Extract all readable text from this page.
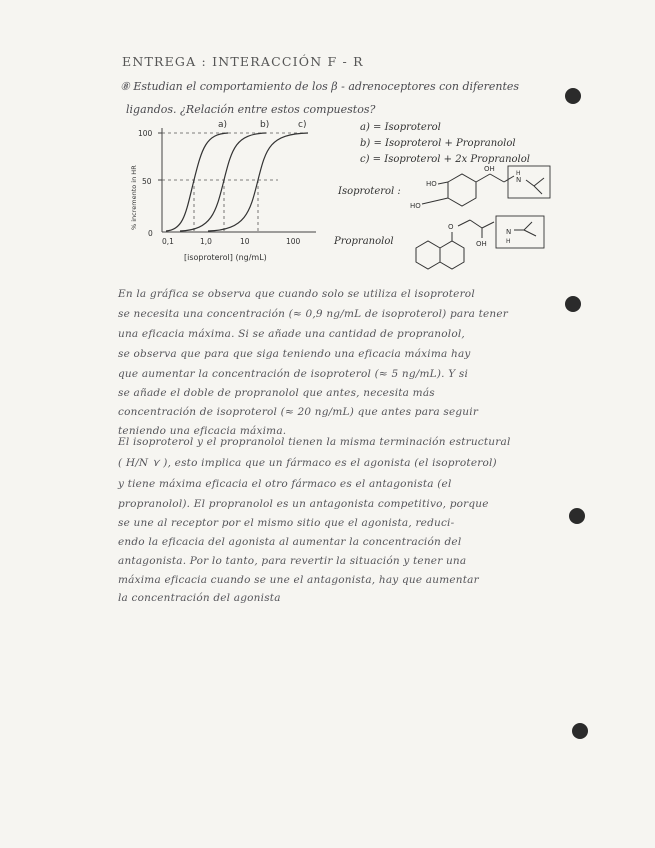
ENTREGA : INTERACCIÓN F - R
⑧ Estudian el comportamiento de los β - adrenoceptores con diferentes
ligandos. ¿Relación entre estos compuestos?
a)	b)	c)
100
50
0
% incremento in HR
0,1	1,0	10	100
[isoproterol] (ng/mL)
a) = Isoproterol
b) = Isoproterol + Propranolol
c) = Isoproterol + 2x Propranolol
Isoproterol :
OH
N
H
HO
HO
Propranolol
O
OH
N
H
En la gráfica se observa que cuando solo se utiliza el isoproterol
se necesita una concentración (≈ 0,9 ng/mL de isoproterol) para tener
una eficacia máxima. Si se añade una cantidad de propranolol,
se observa que para que siga teniendo una eficacia máxima hay
que aumentar la concentración de isoproterol (≈ 5 ng/mL). Y si
se añade el doble de propranolol que antes, necesita más
concentración de isoproterol (≈ 20 ng/mL) que antes para seguir
teniendo una eficacia máxima.
El isoproterol y el propranolol tienen la misma terminación estructural
( H/N ⋎ ), esto implica que un fármaco es el agonista (el isoproterol)
y tiene máxima eficacia el otro fármaco es el antagonista (el
propranolol). El propranolol es un antagonista competitivo, porque
se une al receptor por el mismo sitio que el agonista, reduci-
endo la eficacia del agonista al aumentar la concentración del
antagonista. Por lo tanto, para revertir la situación y tener una
máxima eficacia cuando se une el antagonista, hay que aumentar
la concentración del agonista
